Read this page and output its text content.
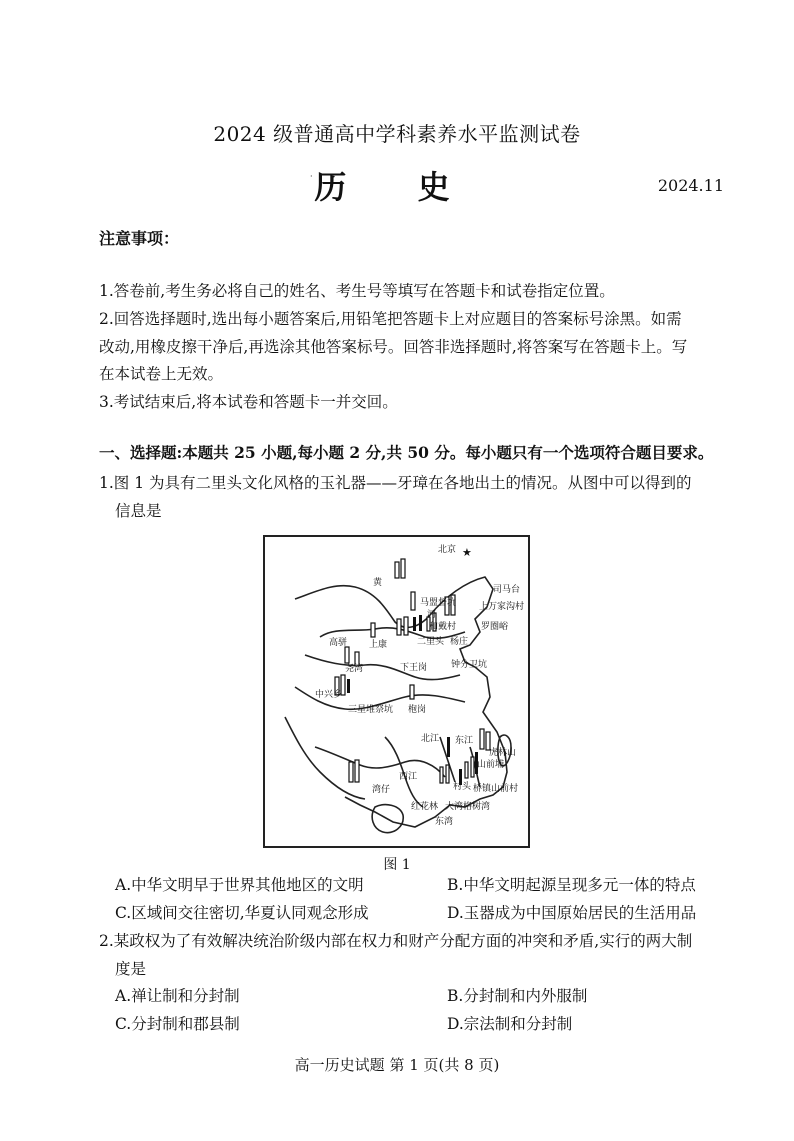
2024 级普通高中学科素养水平监测试卷
· 历 史	2024.11
注意事项：
1.答卷前,考生务必将自己的姓名、考生号等填写在答题卡和试卷指定位置。
2.回答选择题时,选出每小题答案后,用铅笔把答题卡上对应题目的答案标号涂黑。如需
改动,用橡皮擦干净后,再选涂其他答案标号。回答非选择题时,将答案写在答题卡上。写
在本试卷上无效。
3.考试结束后,将本试卷和答题卡一并交回。
一、选择题:本题共 25 小题,每小题 2 分,共 50 分。每小题只有一个选项符合题目要求。
1.图 1 为具有二里头文化风格的玉礼器——牙璋在各地出土的情况。从图中可以得到的
信息是
★
北京
黄
马盟督坑
司马台
上万家沟村
河
和戴村	罗圈峪
高骈 上康	二里头 杨庄
尧湾	下王岗	钟分卫坑
中兴乡
三星堆祭坑 枹岗
北江 东江
虎林山
山前埔
西江
湾仔	村头 桥镇山前村
红花林 大湾 格树湾
东湾
图 1
A.中华文明早于世界其他地区的文明	B.中华文明起源呈现多元一体的特点
C.区域间交往密切,华夏认同观念形成	D.玉器成为中国原始居民的生活用品
2.某政权为了有效解决统治阶级内部在权力和财产分配方面的冲突和矛盾,实行的两大制
度是
A.禅让制和分封制	B.分封制和内外服制
C.分封制和郡县制	D.宗法制和分封制
高一历史试题 第 1 页(共 8 页)
